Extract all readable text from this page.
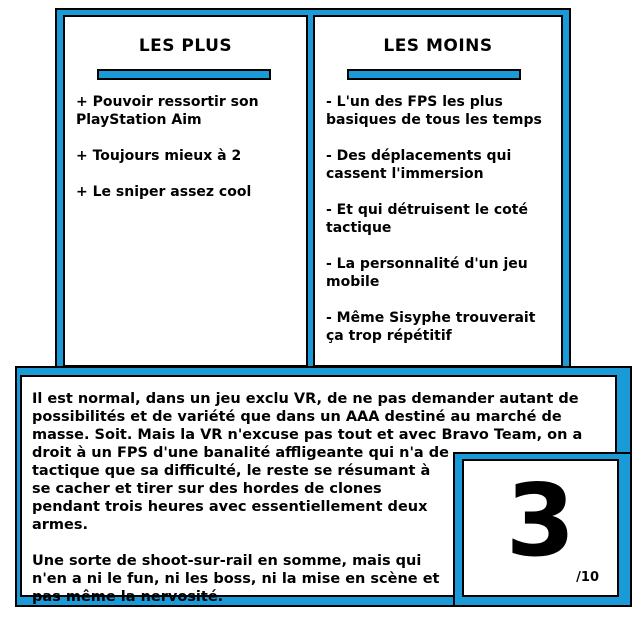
LES PLUS
+ Pouvoir ressortir son PlayStation Aim
+ Toujours mieux à 2
+ Le sniper assez cool
LES MOINS
- L'un des FPS les plus basiques de tous les temps
- Des déplacements qui cassent l'immersion
- Et qui détruisent le coté tactique
- La personnalité d'un jeu mobile
- Même Sisyphe trouverait ça trop répétitif

Il est normal, dans un jeu exclu VR, de ne pas demander autant de possibilités et de variété que dans un AAA destiné au marché de masse. Soit. Mais la VR n'excuse pas tout et avec Bravo Team, on a

droit à un FPS d'une banalité affligeante qui n'a de tactique que sa difficulté, le reste se résumant à se cacher et tirer sur des hordes de clones pendant trois heures avec essentiellement deux armes.

Une sorte de shoot-sur-rail en somme, mais qui n'en a ni le fun, ni les boss, ni la mise en scène et pas même la nervosité.

3 /10
